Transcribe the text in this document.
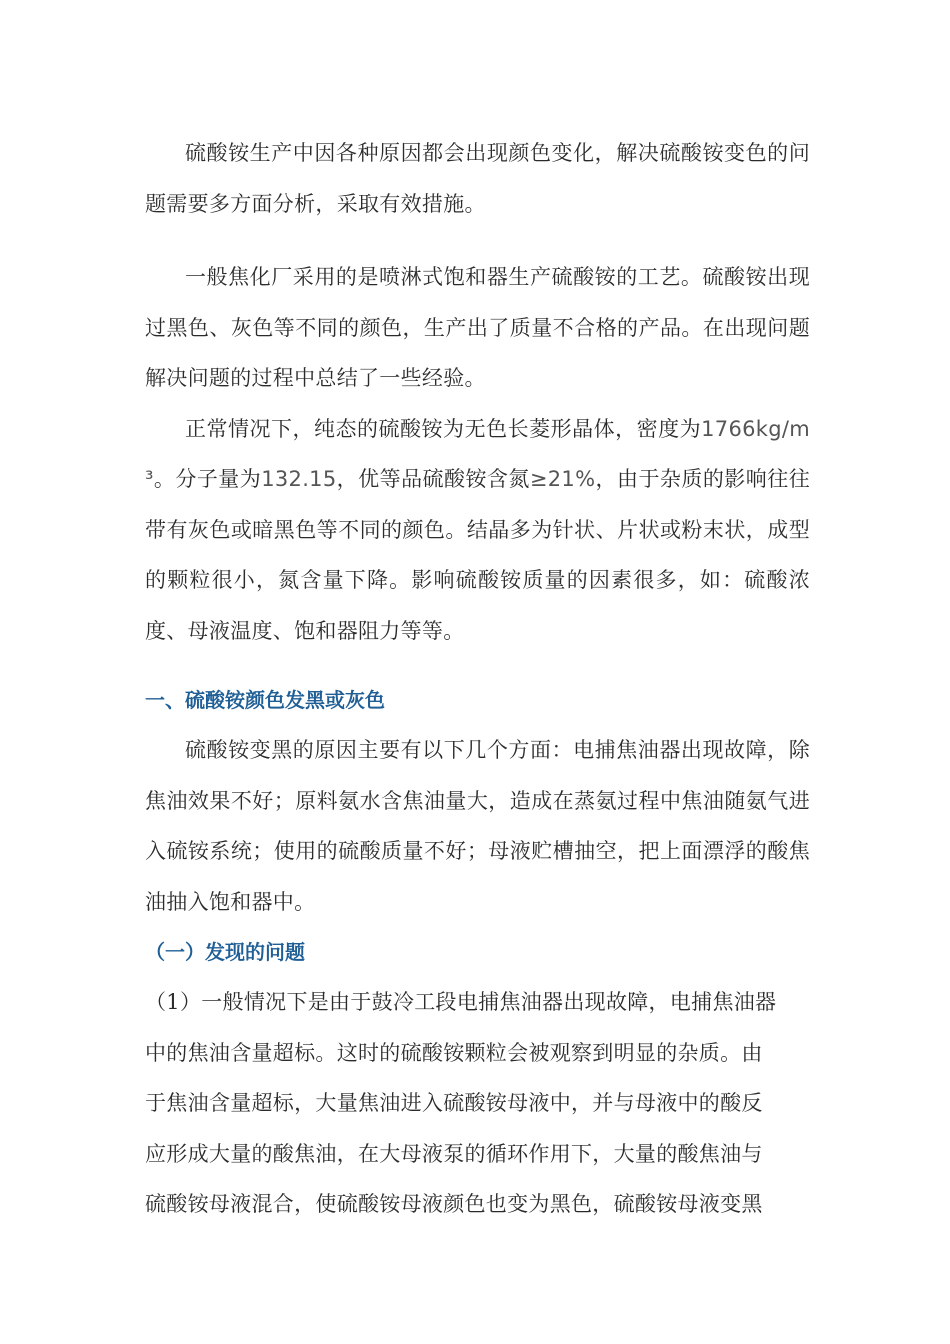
硫酸铵生产中因各种原因都会出现颜色变化，解决硫酸铵变色的问题需要多方面分析，采取有效措施。

一般焦化厂采用的是喷淋式饱和器生产硫酸铵的工艺。硫酸铵出现过黑色、灰色等不同的颜色，生产出了质量不合格的产品。在出现问题解决问题的过程中总结了一些经验。

正常情况下，纯态的硫酸铵为无色长菱形晶体，密度为1766kg/m³。分子量为132.15，优等品硫酸铵含氮≥21%，由于杂质的影响往往带有灰色或暗黑色等不同的颜色。结晶多为针状、片状或粉末状，成型的颗粒很小，氮含量下降。影响硫酸铵质量的因素很多，如：硫酸浓度、母液温度、饱和器阻力等等。

一、硫酸铵颜色发黑或灰色

硫酸铵变黑的原因主要有以下几个方面：电捕焦油器出现故障，除焦油效果不好；原料氨水含焦油量大，造成在蒸氨过程中焦油随氨气进入硫铵系统；使用的硫酸质量不好；母液贮槽抽空，把上面漂浮的酸焦油抽入饱和器中。

（一）发现的问题
（1）一般情况下是由于鼓冷工段电捕焦油器出现故障，电捕焦油器
中的焦油含量超标。这时的硫酸铵颗粒会被观察到明显的杂质。由
于焦油含量超标，大量焦油进入硫酸铵母液中，并与母液中的酸反
应形成大量的酸焦油，在大母液泵的循环作用下，大量的酸焦油与
硫酸铵母液混合，使硫酸铵母液颜色也变为黑色，硫酸铵母液变黑
